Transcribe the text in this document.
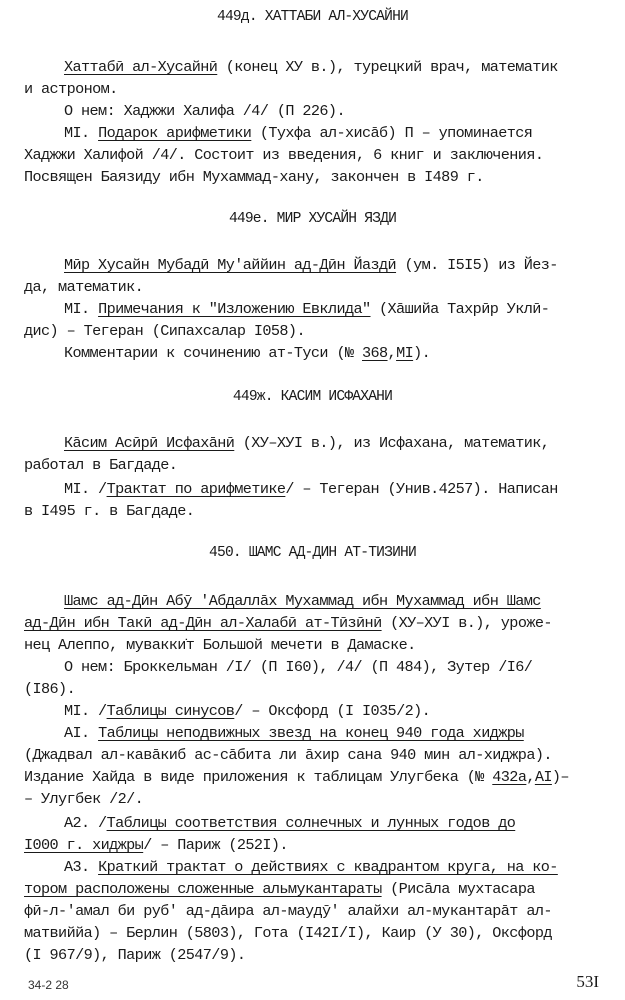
449д. ХАТТАБИ АЛ-ХУСАЙНИ
Хаттабӣ ал-Хусайнӣ (конец ХУ в.), турецкий врач, математик
и астроном.
О нем: Хаджжи Халифа /4/ (П 226).
МI. Подарок арифметики (Тухфа ал-хисāб) П – упоминается
Хаджжи Халифой /4/. Состоит из введения, 6 книг и заключения.
Посвящен Баязиду ибн Мухаммад-хану, закончен в I489 г.
449е. МИР ХУСАЙН ЯЗДИ
Мӣр Хусайн Мубадӣ Му'аййин ад-Дӣн Йаздӣ (ум. I5I5) из Йез-
да, математик.
МI. Примечания к "Изложению Евклида" (Хāшийа Тахрӣр Уклӣ-
дис) – Тегеран (Сипахсалар I058).
Комментарии к сочинению ат-Туси (№ 368,МI).
449ж. КАСИМ ИСФАХАНИ
Кāсим Асӣрӣ Исфахāнӣ (ХУ–ХУI в.), из Исфахана, математик,
работал в Багдаде.
МI. /Трактат по арифметике/ – Тегеран (Унив.4257). Написан
в I495 г. в Багдаде.
450. ШАМС АД-ДИН АТ-ТИЗИНИ
Шамс ад-Дӣн Абӯ 'Абдаллāх Мухаммад ибн Мухаммад ибн Шамс
ад-Дӣн ибн Такӣ ад-Дӣн ал-Халабӣ ат-Тӣзӣнӣ (ХУ–ХУI в.), уроже-
нец Алеппо, мувакки̇т Большой мечети в Дамаске.
О нем: Броккельман /I/ (П I60), /4/ (П 484), Зутер /I6/
(I86).
МI. /Таблицы синусов/ – Оксфорд (I I035/2).
АI. Таблицы неподвижных звезд на конец 940 года хиджры
(Джадвал ал-кавāкиб ас-сāбита ли āхир сана 940 мин ал-хиджра).
Издание Хайда в виде приложения к таблицам Улугбека (№ 432а,АI)–
– Улугбек /2/.
А2. /Таблицы соответствия солнечных и лунных годов до
I000 г. хиджры/ – Париж (252I).
А3. Краткий трактат о действиях с квадрантом круга, на ко-
тором расположены сложенные альмукантараты (Рисāла мухтасара
фӣ-л-'амал би руб' ад-дāира ал-маудӯ' алайхи ал-мукантарāт ал-
матвиййа) – Берлин (5803), Гота (I42I/I), Каир (У 30), Оксфорд
(I 967/9), Париж (2547/9).
34-2 28	53I
